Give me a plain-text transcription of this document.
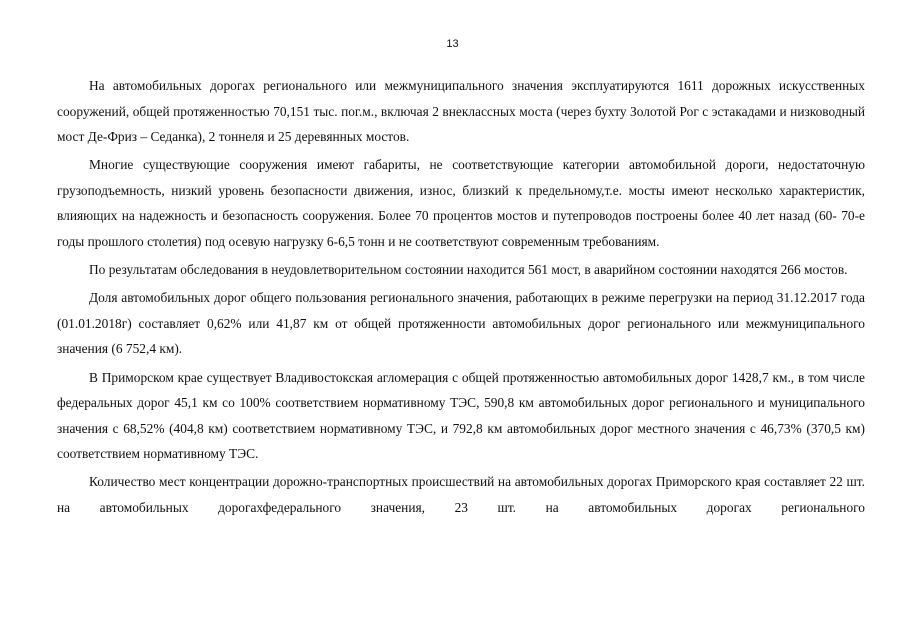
13

На автомобильных дорогах регионального или межмуниципального значения эксплуатируются 1611 дорожных искусственных сооружений, общей протяженностью 70,151 тыс. пог.м., включая 2 внеклассных моста (через бухту Золотой Рог с эстакадами и низководный мост Де-Фриз – Седанка), 2 тоннеля и 25 деревянных мостов.

Многие существующие сооружения имеют габариты, не соответствующие категории автомобильной дороги, недостаточную грузоподъемность, низкий уровень безопасности движения, износ, близкий к предельному,т.е. мосты имеют несколько характеристик, влияющих на надежность и безопасность сооружения. Более 70 процентов мостов и путепроводов построены более 40 лет назад (60- 70-е годы прошлого столетия) под осевую нагрузку 6-6,5 тонн и не соответствуют современным требованиям.

По результатам обследования в неудовлетворительном состоянии находится 561 мост, в аварийном состоянии находятся 266 мостов.

Доля автомобильных дорог общего пользования регионального значения, работающих в режиме перегрузки на период 31.12.2017 года (01.01.2018г) составляет 0,62% или 41,87 км от общей протяженности автомобильных дорог регионального или межмуниципального значения (6 752,4 км).

В Приморском крае существует Владивостокская агломерация с общей протяженностью автомобильных дорог 1428,7 км., в том числе федеральных дорог 45,1 км со 100% соответствием нормативному ТЭС, 590,8 км автомобильных дорог регионального и муниципального значения с 68,52% (404,8 км) соответствием нормативному ТЭС, и 792,8 км автомобильных дорог местного значения с 46,73% (370,5 км) соответствием нормативному ТЭС.

Количество мест концентрации дорожно-транспортных происшествий на автомобильных дорогах Приморского края составляет 22 шт. на автомобильных дорогахфедерального значения, 23 шт. на автомобильных дорогах регионального
